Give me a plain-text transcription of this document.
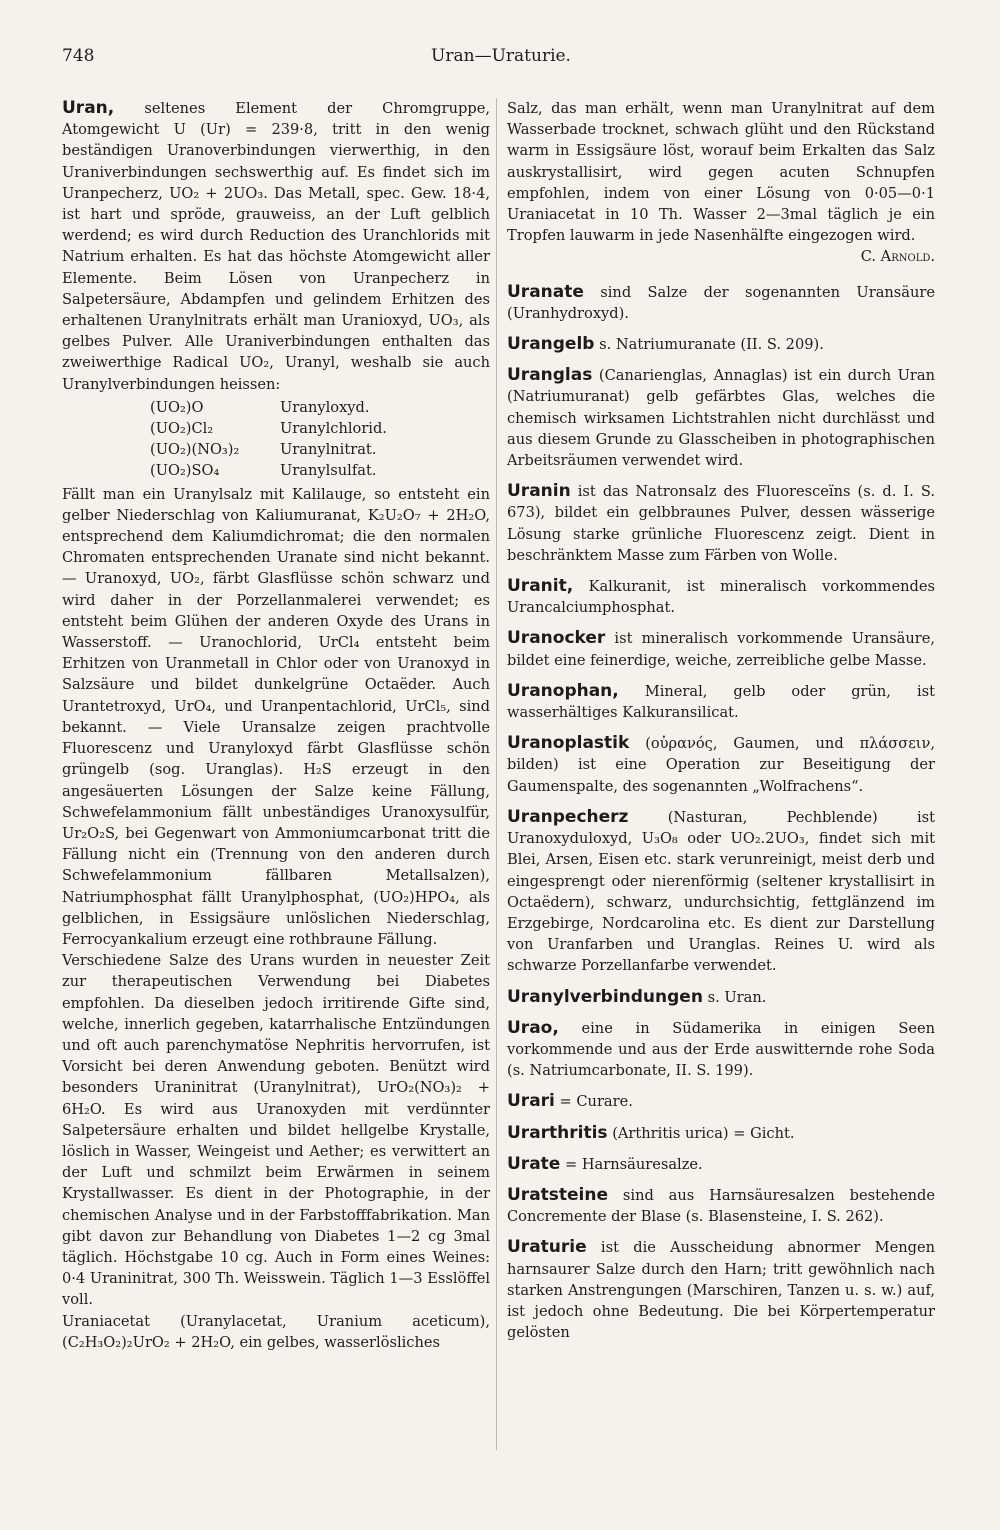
748	Uran—Uraturie.

Uran, seltenes Element der Chromgruppe, Atomgewicht U (Ur) = 239·8, tritt in den wenig beständigen Uranoverbindungen vierwerthig, in den Uraniverbindungen sechswerthig auf. Es findet sich im Uranpecherz, UO₂ + 2UO₃. Das Metall, spec. Gew. 18·4, ist hart und spröde, grauweiss, an der Luft gelblich werdend; es wird durch Reduction des Uranchlorids mit Natrium erhalten. Es hat das höchste Atomgewicht aller Elemente. Beim Lösen von Uranpecherz in Salpetersäure, Abdampfen und gelindem Erhitzen des erhaltenen Uranylnitrats erhält man Uranioxyd, UO₃, als gelbes Pulver. Alle Uraniverbindungen enthalten das zweiwerthige Radical UO₂, Uranyl, weshalb sie auch Uranylverbindungen heissen:

(UO₂)O	Uranyloxyd.
(UO₂)Cl₂	Uranylchlorid.
(UO₂)(NO₃)₂	Uranylnitrat.
(UO₂)SO₄	Uranylsulfat.

Fällt man ein Uranylsalz mit Kalilauge, so entsteht ein gelber Niederschlag von Kaliumuranat, K₂U₂O₇ + 2H₂O, entsprechend dem Kaliumdichromat; die den normalen Chromaten entsprechenden Uranate sind nicht bekannt. — Uranoxyd, UO₂, färbt Glasflüsse schön schwarz und wird daher in der Porzellanmalerei verwendet; es entsteht beim Glühen der anderen Oxyde des Urans in Wasserstoff. — Uranochlorid, UrCl₄ entsteht beim Erhitzen von Uranmetall in Chlor oder von Uranoxyd in Salzsäure und bildet dunkelgrüne Octaëder. Auch Urantetroxyd, UrO₄, und Uranpentachlorid, UrCl₅, sind bekannt. — Viele Uransalze zeigen prachtvolle Fluorescenz und Uranyloxyd färbt Glasflüsse schön grüngelb (sog. Uranglas). H₂S erzeugt in den angesäuerten Lösungen der Salze keine Fällung, Schwefelammonium fällt unbeständiges Uranoxysulfür, Ur₂O₂S, bei Gegenwart von Ammoniumcarbonat tritt die Fällung nicht ein (Trennung von den anderen durch Schwefelammonium fällbaren Metallsalzen), Natriumphosphat fällt Uranylphosphat, (UO₂)HPO₄, als gelblichen, in Essigsäure unlöslichen Niederschlag, Ferrocyankalium erzeugt eine rothbraune Fällung.

Verschiedene Salze des Urans wurden in neuester Zeit zur therapeutischen Verwendung bei Diabetes empfohlen. Da dieselben jedoch irritirende Gifte sind, welche, innerlich gegeben, katarrhalische Entzündungen und oft auch parenchymatöse Nephritis hervorrufen, ist Vorsicht bei deren Anwendung geboten. Benützt wird besonders Uraninitrat (Uranylnitrat), UrO₂(NO₃)₂ + 6H₂O. Es wird aus Uranoxyden mit verdünnter Salpetersäure erhalten und bildet hellgelbe Krystalle, löslich in Wasser, Weingeist und Aether; es verwittert an der Luft und schmilzt beim Erwärmen in seinem Krystallwasser. Es dient in der Photographie, in der chemischen Analyse und in der Farbstofffabrikation. Man gibt davon zur Behandlung von Diabetes 1—2 cg 3mal täglich. Höchstgabe 10 cg. Auch in Form eines Weines: 0·4 Uraninitrat, 300 Th. Weisswein. Täglich 1—3 Esslöffel voll.

Uraniacetat (Uranylacetat, Uranium aceticum), (C₂H₃O₂)₂UrO₂ + 2H₂O, ein gelbes, wasserlösliches

Salz, das man erhält, wenn man Uranylnitrat auf dem Wasserbade trocknet, schwach glüht und den Rückstand warm in Essigsäure löst, worauf beim Erkalten das Salz auskrystallisirt, wird gegen acuten Schnupfen empfohlen, indem von einer Lösung von 0·05—0·1 Uraniacetat in 10 Th. Wasser 2—3mal täglich je ein Tropfen lauwarm in jede Nasenhälfte eingezogen wird.

C. Arnold.

Uranate sind Salze der sogenannten Uransäure (Uranhydroxyd).

Urangelb s. Natriumuranate (II. S. 209).

Uranglas (Canarienglas, Annaglas) ist ein durch Uran (Natriumuranat) gelb gefärbtes Glas, welches die chemisch wirksamen Lichtstrahlen nicht durchlässt und aus diesem Grunde zu Glasscheiben in photographischen Arbeitsräumen verwendet wird.

Uranin ist das Natronsalz des Fluoresceïns (s. d. I. S. 673), bildet ein gelbbraunes Pulver, dessen wässerige Lösung starke grünliche Fluorescenz zeigt. Dient in beschränktem Masse zum Färben von Wolle.

Uranit, Kalkuranit, ist mineralisch vorkommendes Urancalciumphosphat.

Uranocker ist mineralisch vorkommende Uransäure, bildet eine feinerdige, weiche, zerreibliche gelbe Masse.

Uranophan, Mineral, gelb oder grün, ist wasserhältiges Kalkuransilicat.

Uranoplastik (οὐρανός, Gaumen, und πλάσσειν, bilden) ist eine Operation zur Beseitigung der Gaumenspalte, des sogenannten „Wolfrachens“.

Uranpecherz (Nasturan, Pechblende) ist Uranoxyduloxyd, U₃O₈ oder UO₂.2UO₃, findet sich mit Blei, Arsen, Eisen etc. stark verunreinigt, meist derb und eingesprengt oder nierenförmig (seltener krystallisirt in Octaëdern), schwarz, undurchsichtig, fettglänzend im Erzgebirge, Nordcarolina etc. Es dient zur Darstellung von Uranfarben und Uranglas. Reines U. wird als schwarze Porzellanfarbe verwendet.

Uranylverbindungen s. Uran.

Urao, eine in Südamerika in einigen Seen vorkommende und aus der Erde auswitternde rohe Soda (s. Natriumcarbonate, II. S. 199).

Urari = Curare.

Urarthritis (Arthritis urica) = Gicht.

Urate = Harnsäuresalze.

Uratsteine sind aus Harnsäuresalzen bestehende Concremente der Blase (s. Blasensteine, I. S. 262).

Uraturie ist die Ausscheidung abnormer Mengen harnsaurer Salze durch den Harn; tritt gewöhnlich nach starken Anstrengungen (Marschiren, Tanzen u. s. w.) auf, ist jedoch ohne Bedeutung. Die bei Körpertemperatur gelösten
